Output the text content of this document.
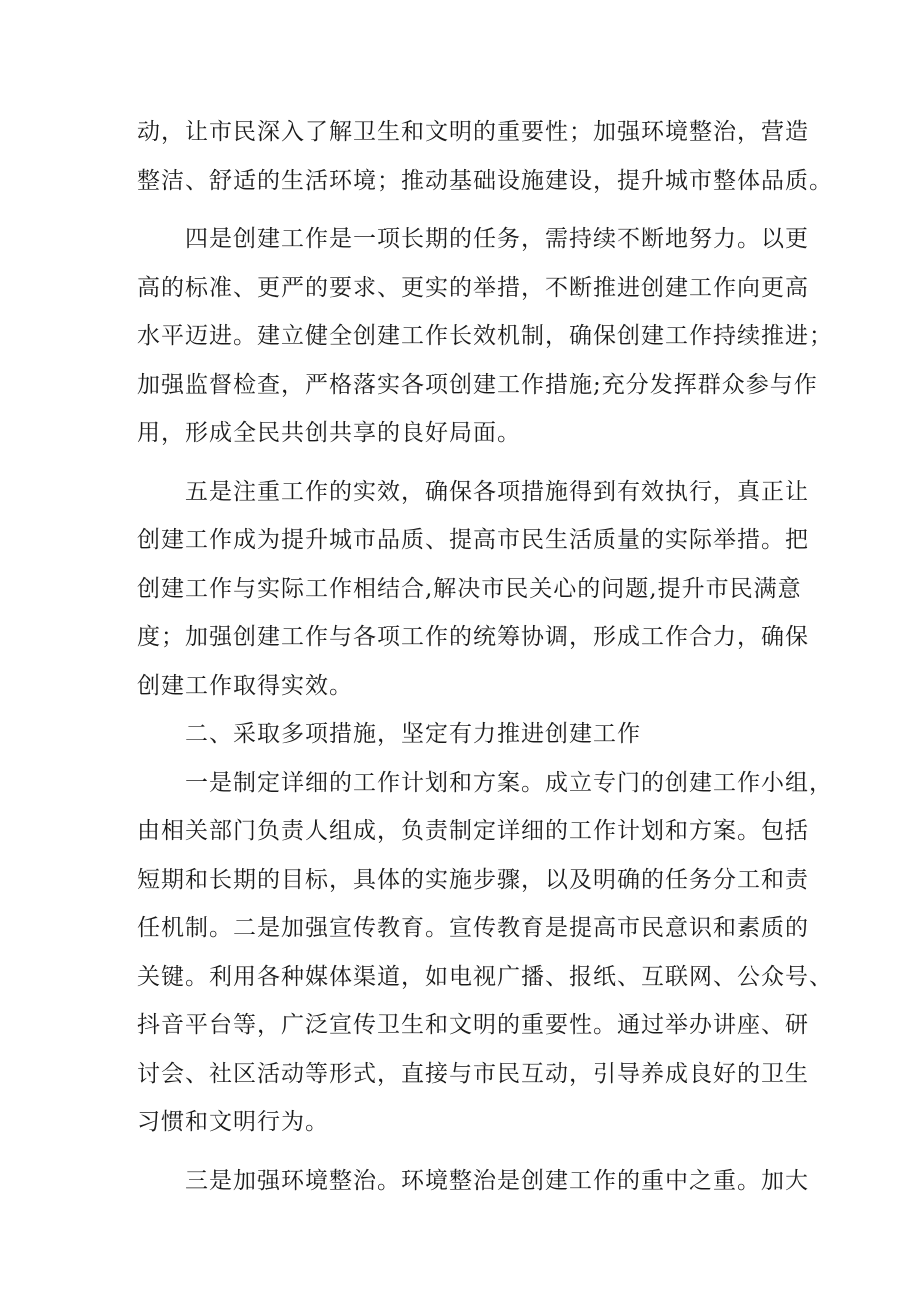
动，让市民深入了解卫生和文明的重要性；加强环境整治，营造
整洁、舒适的生活环境；推动基础设施建设，提升城市整体品质。
　　四是创建工作是一项长期的任务，需持续不断地努力。以更
高的标准、更严的要求、更实的举措，不断推进创建工作向更高
水平迈进。建立健全创建工作长效机制，确保创建工作持续推进；
加强监督检查，严格落实各项创建工作措施;充分发挥群众参与作
用，形成全民共创共享的良好局面。
　　五是注重工作的实效，确保各项措施得到有效执行，真正让
创建工作成为提升城市品质、提高市民生活质量的实际举措。把
创建工作与实际工作相结合,解决市民关心的问题,提升市民满意
度；加强创建工作与各项工作的统筹协调，形成工作合力，确保
创建工作取得实效。
　　二、采取多项措施，坚定有力推进创建工作
　　一是制定详细的工作计划和方案。成立专门的创建工作小组，
由相关部门负责人组成，负责制定详细的工作计划和方案。包括
短期和长期的目标，具体的实施步骤，以及明确的任务分工和责
任机制。二是加强宣传教育。宣传教育是提高市民意识和素质的
关键。利用各种媒体渠道，如电视广播、报纸、互联网、公众号、
抖音平台等，广泛宣传卫生和文明的重要性。通过举办讲座、研
讨会、社区活动等形式，直接与市民互动，引导养成良好的卫生
习惯和文明行为。
　　三是加强环境整治。环境整治是创建工作的重中之重。加大
